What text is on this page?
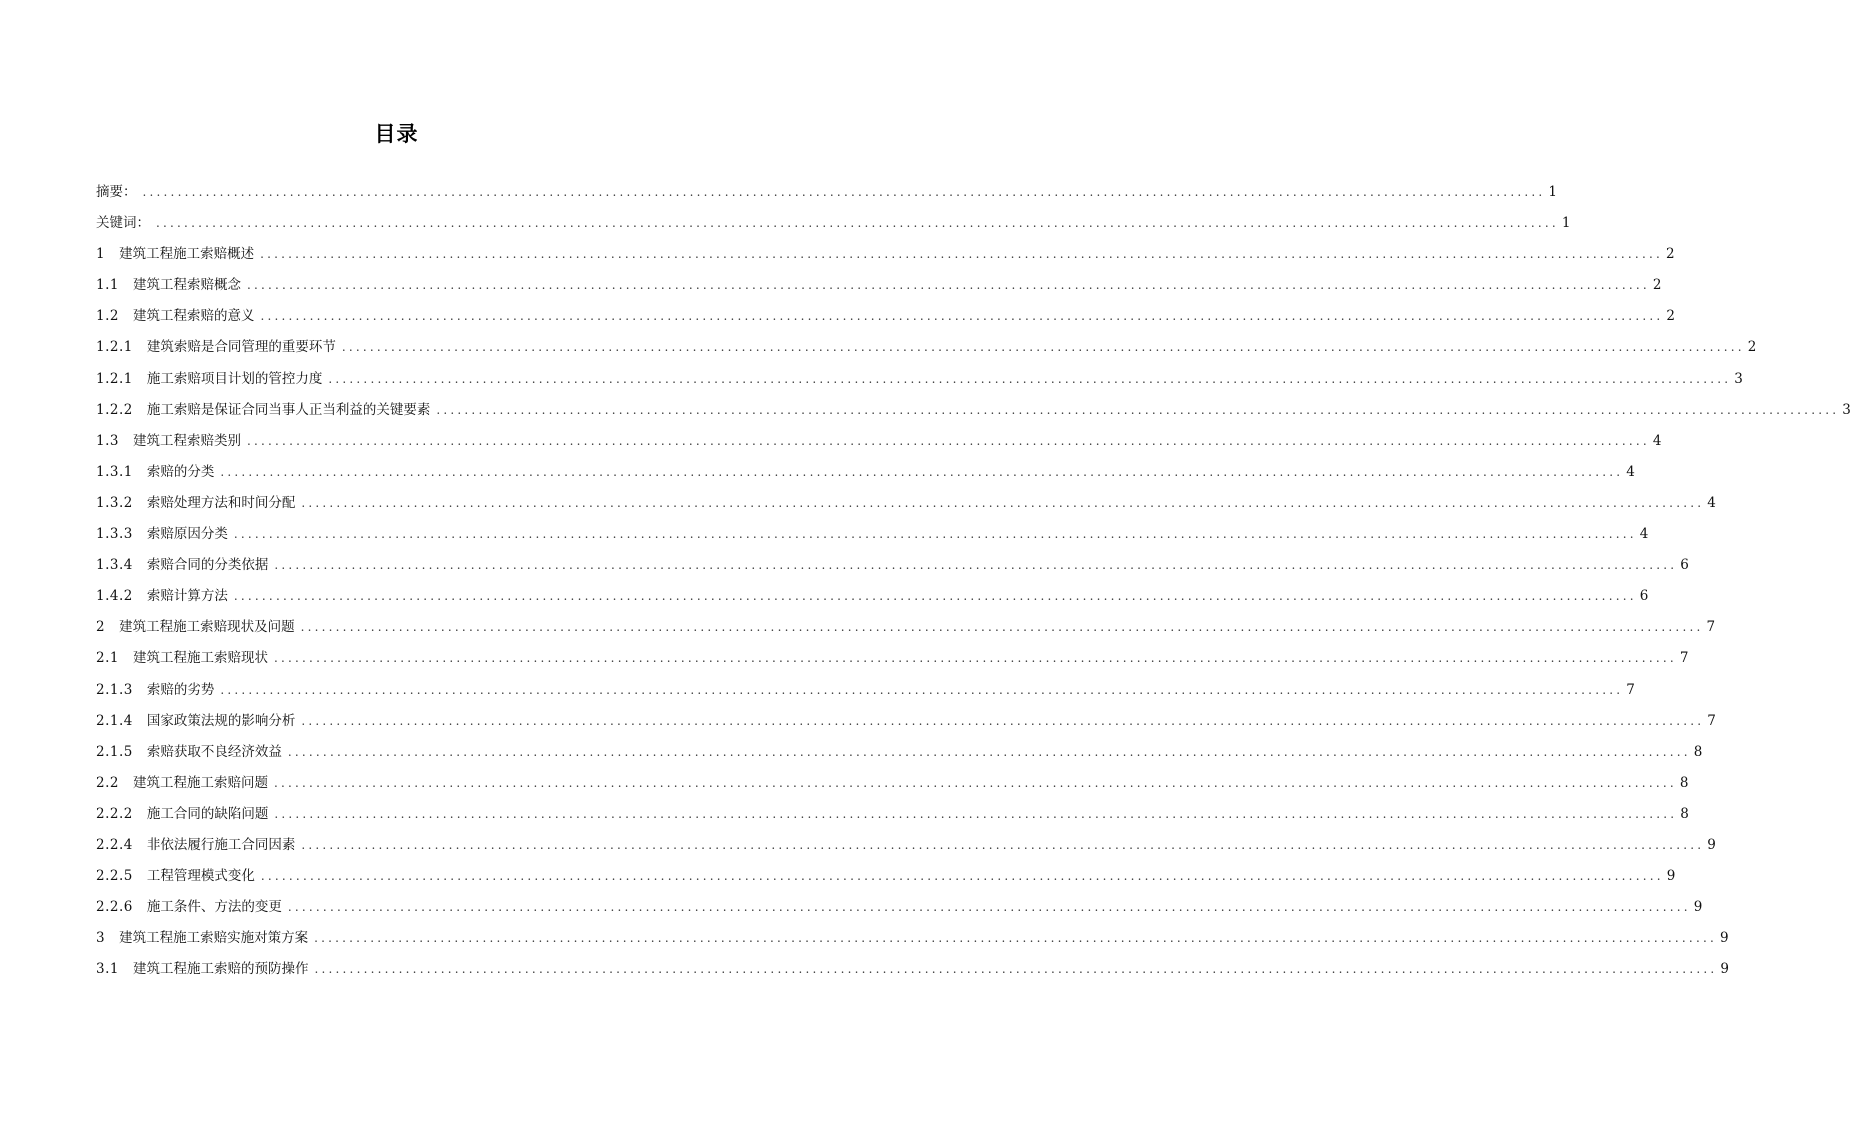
目录
摘要： ........................................................................................................................................................................................................ 1
关键词： ........................................................................................................................................................................................................ 1
1 建筑工程施工索赔概述 ........................................................................................................................................................................................................ 2
1.1 建筑工程索赔概念 ........................................................................................................................................................................................................ 2
1.2 建筑工程索赔的意义 ........................................................................................................................................................................................................ 2
1.2.1 建筑索赔是合同管理的重要环节 ........................................................................................................................................................................................................ 2
1.2.1 施工索赔项目计划的管控力度 ........................................................................................................................................................................................................ 3
1.2.2 施工索赔是保证合同当事人正当利益的关键要素 ........................................................................................................................................................................................................ 3
1.3 建筑工程索赔类别 ........................................................................................................................................................................................................ 4
1.3.1 索赔的分类 ........................................................................................................................................................................................................ 4
1.3.2 索赔处理方法和时间分配 ........................................................................................................................................................................................................ 4
1.3.3 索赔原因分类 ........................................................................................................................................................................................................ 4
1.3.4 索赔合同的分类依据 ........................................................................................................................................................................................................ 6
1.4.2 索赔计算方法 ........................................................................................................................................................................................................ 6
2 建筑工程施工索赔现状及问题 ........................................................................................................................................................................................................ 7
2.1 建筑工程施工索赔现状 ........................................................................................................................................................................................................ 7
2.1.3 索赔的劣势 ........................................................................................................................................................................................................ 7
2.1.4 国家政策法规的影响分析 ........................................................................................................................................................................................................ 7
2.1.5 索赔获取不良经济效益 ........................................................................................................................................................................................................ 8
2.2 建筑工程施工索赔问题 ........................................................................................................................................................................................................ 8
2.2.2 施工合同的缺陷问题 ........................................................................................................................................................................................................ 8
2.2.4 非依法履行施工合同因素 ........................................................................................................................................................................................................ 9
2.2.5 工程管理模式变化 ........................................................................................................................................................................................................ 9
2.2.6 施工条件、方法的变更 ........................................................................................................................................................................................................ 9
3 建筑工程施工索赔实施对策方案 ........................................................................................................................................................................................................ 9
3.1 建筑工程施工索赔的预防操作 ........................................................................................................................................................................................................ 9
